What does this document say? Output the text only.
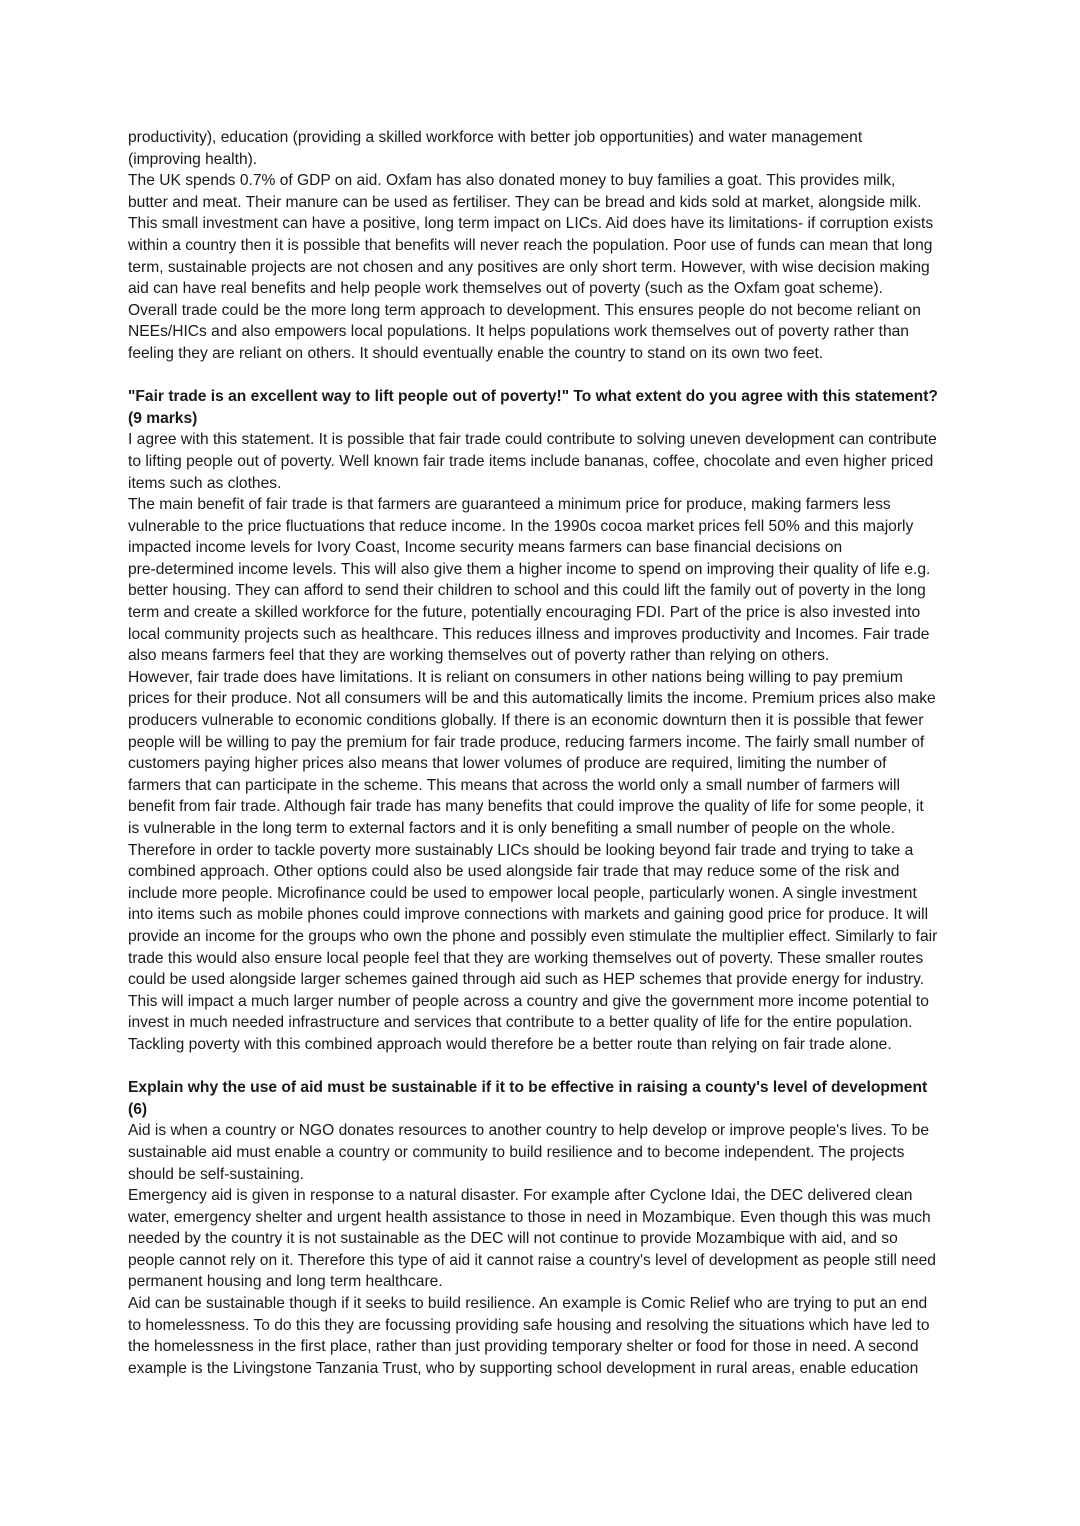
productivity), education (providing a skilled workforce with better job opportunities) and water management
(improving health).
The UK spends 0.7% of GDP on aid. Oxfam has also donated money to buy families a goat. This provides milk,
butter and meat. Their manure can be used as fertiliser. They can be bread and kids sold at market, alongside milk.
This small investment can have a positive, long term impact on LICs. Aid does have its limitations- if corruption exists
within a country then it is possible that benefits will never reach the population. Poor use of funds can mean that long
term, sustainable projects are not chosen and any positives are only short term. However, with wise decision making
aid can have real benefits and help people work themselves out of poverty (such as the Oxfam goat scheme).
Overall trade could be the more long term approach to development. This ensures people do not become reliant on
NEEs/HICs and also empowers local populations. It helps populations work themselves out of poverty rather than
feeling they are reliant on others. It should eventually enable the country to stand on its own two feet.
"Fair trade is an excellent way to lift people out of poverty!" To what extent do you agree with this statement?
(9 marks)
I agree with this statement. It is possible that fair trade could contribute to solving uneven development can contribute
to lifting people out of poverty. Well known fair trade items include bananas, coffee, chocolate and even higher priced
items such as clothes.
The main benefit of fair trade is that farmers are guaranteed a minimum price for produce, making farmers less
vulnerable to the price fluctuations that reduce income. In the 1990s cocoa market prices fell 50% and this majorly
impacted income levels for Ivory Coast, Income security means farmers can base financial decisions on
pre-determined income levels. This will also give them a higher income to spend on improving their quality of life e.g.
better housing. They can afford to send their children to school and this could lift the family out of poverty in the long
term and create a skilled workforce for the future, potentially encouraging FDI. Part of the price is also invested into
local community projects such as healthcare. This reduces illness and improves productivity and Incomes. Fair trade
also means farmers feel that they are working themselves out of poverty rather than relying on others.
However, fair trade does have limitations. It is reliant on consumers in other nations being willing to pay premium
prices for their produce. Not all consumers will be and this automatically limits the income. Premium prices also make
producers vulnerable to economic conditions globally. If there is an economic downturn then it is possible that fewer
people will be willing to pay the premium for fair trade produce, reducing farmers income. The fairly small number of
customers paying higher prices also means that lower volumes of produce are required, limiting the number of
farmers that can participate in the scheme. This means that across the world only a small number of farmers will
benefit from fair trade. Although fair trade has many benefits that could improve the quality of life for some people, it
is vulnerable in the long term to external factors and it is only benefiting a small number of people on the whole.
Therefore in order to tackle poverty more sustainably LICs should be looking beyond fair trade and trying to take a
combined approach. Other options could also be used alongside fair trade that may reduce some of the risk and
include more people. Microfinance could be used to empower local people, particularly wonen. A single investment
into items such as mobile phones could improve connections with markets and gaining good price for produce. It will
provide an income for the groups who own the phone and possibly even stimulate the multiplier effect. Similarly to fair
trade this would also ensure local people feel that they are working themselves out of poverty. These smaller routes
could be used alongside larger schemes gained through aid such as HEP schemes that provide energy for industry.
This will impact a much larger number of people across a country and give the government more income potential to
invest in much needed infrastructure and services that contribute to a better quality of life for the entire population.
Tackling poverty with this combined approach would therefore be a better route than relying on fair trade alone.
Explain why the use of aid must be sustainable if it to be effective in raising a county's level of development
(6)
Aid is when a country or NGO donates resources to another country to help develop or improve people's lives. To be
sustainable aid must enable a country or community to build resilience and to become independent. The projects
should be self-sustaining.
Emergency aid is given in response to a natural disaster. For example after Cyclone Idai, the DEC delivered clean
water, emergency shelter and urgent health assistance to those in need in Mozambique. Even though this was much
needed by the country it is not sustainable as the DEC will not continue to provide Mozambique with aid, and so
people cannot rely on it. Therefore this type of aid it cannot raise a country's level of development as people still need
permanent housing and long term healthcare.
Aid can be sustainable though if it seeks to build resilience. An example is Comic Relief who are trying to put an end
to homelessness. To do this they are focussing providing safe housing and resolving the situations which have led to
the homelessness in the first place, rather than just providing temporary shelter or food for those in need. A second
example is the Livingstone Tanzania Trust, who by supporting school development in rural areas, enable education
